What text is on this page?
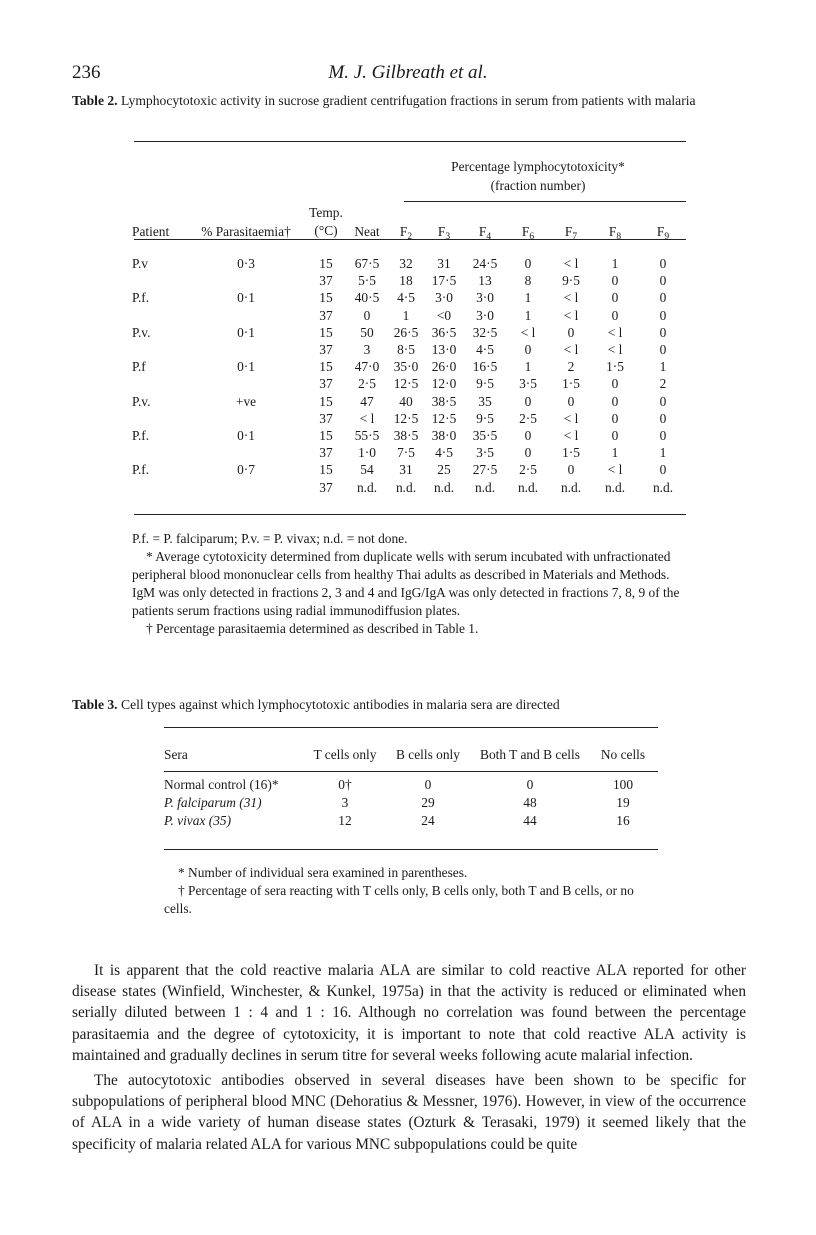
236	M. J. Gilbreath et al.
Table 2. Lymphocytotoxic activity in sucrose gradient centrifugation fractions in serum from patients with malaria

				Percentage lymphocytotoxicity*
(fraction number)						

Patient	% Parasitaemia†	Temp.
(°C)	Neat	$F_2$	$F_3$	$F_4$	$F_6$	$F_7$	$F_8$	$F_9$

P.v	0·3	15	67·5	32	31	24·5	0	< l	1	0
		37	5·5	18	17·5	13	8	9·5	0	0
P.f.	0·1	15	40·5	4·5	3·0	3·0	1	< l	0	0
		37	0	1	<0	3·0	1	< l	0	0
P.v.	0·1	15	50	26·5	36·5	32·5	< l	0	< l	0
		37	3	8·5	13·0	4·5	0	< l	< l	0
P.f	0·1	15	47·0	35·0	26·0	16·5	1	2	1·5	1
		37	2·5	12·5	12·0	9·5	3·5	1·5	0	2
P.v.	+ve	15	47	40	38·5	35	0	0	0	0
		37	< l	12·5	12·5	9·5	2·5	< l	0	0
P.f.	0·1	15	55·5	38·5	38·0	35·5	0	< l	0	0
		37	1·0	7·5	4·5	3·5	0	1·5	1	1
P.f.	0·7	15	54	31	25	27·5	2·5	0	< l	0
		37	n.d.	n.d.	n.d.	n.d.	n.d.	n.d.	n.d.	n.d.

P.f. = P. falciparum; P.v. = P. vivax; n.d. = not done.

* Average cytotoxicity determined from duplicate wells with serum incubated with unfractionated peripheral blood mononuclear cells from healthy Thai adults as described in Materials and Methods. IgM was only detected in fractions 2, 3 and 4 and IgG/IgA was only detected in fractions 7, 8, 9 of the patients serum fractions using radial immunodiffusion plates.

† Percentage parasitaemia determined as described in Table 1.

Table 3. Cell types against which lymphocytotoxic antibodies in malaria sera are directed
Sera	T cells only	B cells only	Both T and B cells	No cells

Normal control (16)*	0†	0	0	100
P. falciparum (31)	3	29	48	19
P. vivax (35)	12	24	44	16

* Number of individual sera examined in parentheses.

† Percentage of sera reacting with T cells only, B cells only, both T and B cells, or no cells.

It is apparent that the cold reactive malaria ALA are similar to cold reactive ALA reported for other disease states (Winfield, Winchester, & Kunkel, 1975a) in that the activity is reduced or eliminated when serially diluted between 1 : 4 and 1 : 16. Although no correlation was found between the percentage parasitaemia and the degree of cytotoxicity, it is important to note that cold reactive ALA activity is maintained and gradually declines in serum titre for several weeks following acute malarial infection.

The autocytotoxic antibodies observed in several diseases have been shown to be specific for subpopulations of peripheral blood MNC (Dehoratius & Messner, 1976). However, in view of the occurrence of ALA in a wide variety of human disease states (Ozturk & Terasaki, 1979) it seemed likely that the specificity of malaria related ALA for various MNC subpopulations could be quite
